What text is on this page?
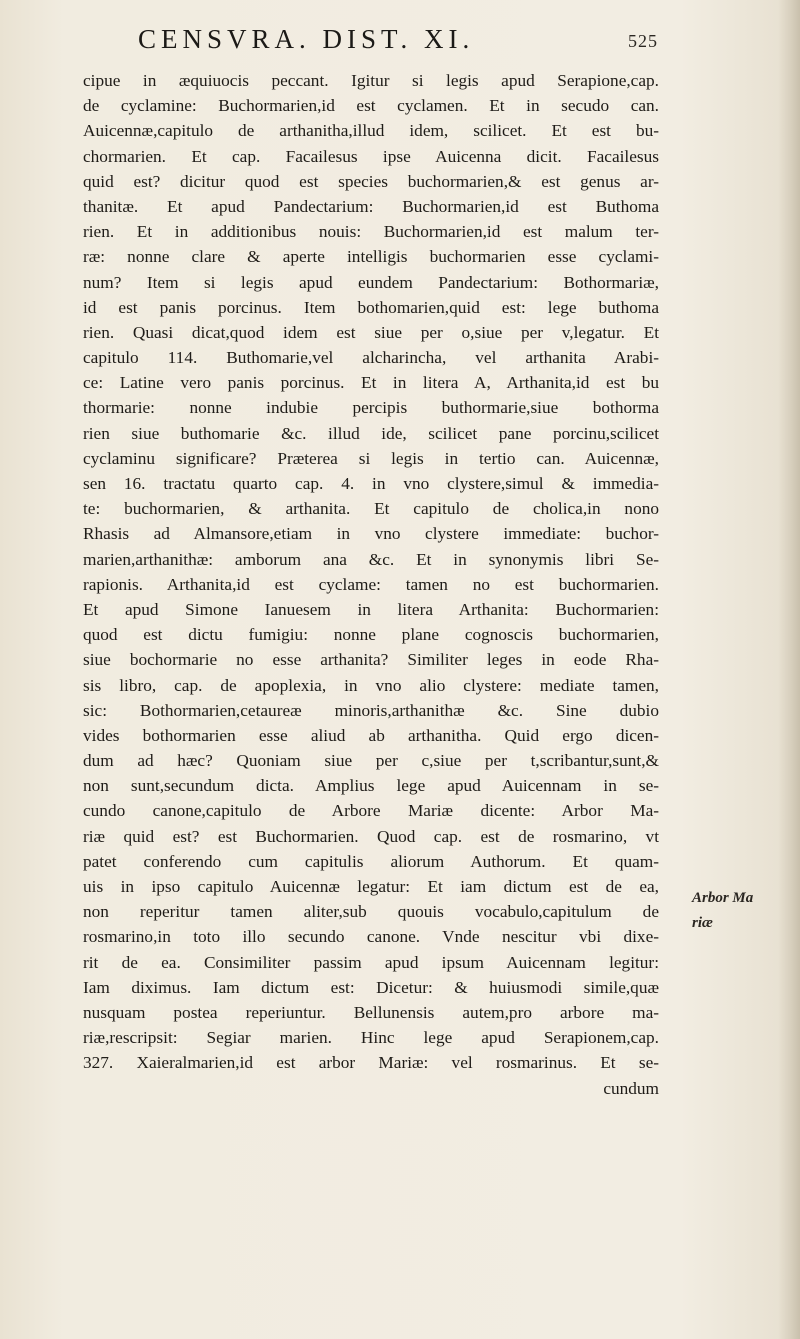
CENSVRA. DIST. XI.	525
cipue in æquiuocis peccant. Igitur si legis apud Serapione,cap.
de cyclamine: Buchormarien,id est cyclamen. Et in secudo can.
Auicennæ,capitulo de arthanitha,illud idem, scilicet. Et est bu-
chormarien. Et cap. Facailesus ipse Auicenna dicit. Facailesus
quid est? dicitur quod est species buchormarien,& est genus ar-
thanitæ. Et apud Pandectarium: Buchormarien,id est Buthoma
rien. Et in additionibus nouis: Buchormarien,id est malum ter-
ræ: nonne clare & aperte intelligis buchormarien esse cyclami-
num? Item si legis apud eundem Pandectarium: Bothormariæ,
id est panis porcinus. Item bothomarien,quid est: lege buthoma
rien. Quasi dicat,quod idem est siue per o,siue per v,legatur. Et
capitulo 114. Buthomarie,vel alcharincha, vel arthanita Arabi-
ce: Latine vero panis porcinus. Et in litera A, Arthanita,id est bu
thormarie: nonne indubie percipis buthormarie,siue bothorma
rien siue buthomarie &c. illud ide, scilicet pane porcinu,scilicet
cyclaminu significare? Præterea si legis in tertio can. Auicennæ,
sen 16. tractatu quarto cap. 4. in vno clystere,simul & immedia-
te: buchormarien, & arthanita. Et capitulo de cholica,in nono
Rhasis ad Almansore,etiam in vno clystere immediate: buchor-
marien,arthanithæ: amborum ana &c. Et in synonymis libri Se-
rapionis. Arthanita,id est cyclame: tamen no est buchormarien.
Et apud Simone Ianuesem in litera Arthanita: Buchormarien:
quod est dictu fumigiu: nonne plane cognoscis buchormarien,
siue bochormarie no esse arthanita? Similiter leges in eode Rha-
sis libro, cap. de apoplexia, in vno alio clystere: mediate tamen,
sic: Bothormarien,cetaureæ minoris,arthanithæ &c. Sine dubio
vides bothormarien esse aliud ab arthanitha. Quid ergo dicen-
dum ad hæc? Quoniam siue per c,siue per t,scribantur,sunt,&
non sunt,secundum dicta. Amplius lege apud Auicennam in se-
cundo canone,capitulo de Arbore Mariæ dicente: Arbor Ma-
riæ quid est? est Buchormarien. Quod cap. est de rosmarino, vt
patet conferendo cum capitulis aliorum Authorum. Et quam-
uis in ipso capitulo Auicennæ legatur: Et iam dictum est de ea,
non reperitur tamen aliter,sub quouis vocabulo,capitulum de
rosmarino,in toto illo secundo canone. Vnde nescitur vbi dixe-
rit de ea. Consimiliter passim apud ipsum Auicennam legitur:
Iam diximus. Iam dictum est: Dicetur: & huiusmodi simile,quæ
nusquam postea reperiuntur. Bellunensis autem,pro arbore ma-
riæ,rescripsit: Segiar marien. Hinc lege apud Serapionem,cap.
327. Xaieralmarien,id est arbor Mariæ: vel rosmarinus. Et se-
cundum
Arbor Ma
riæ
